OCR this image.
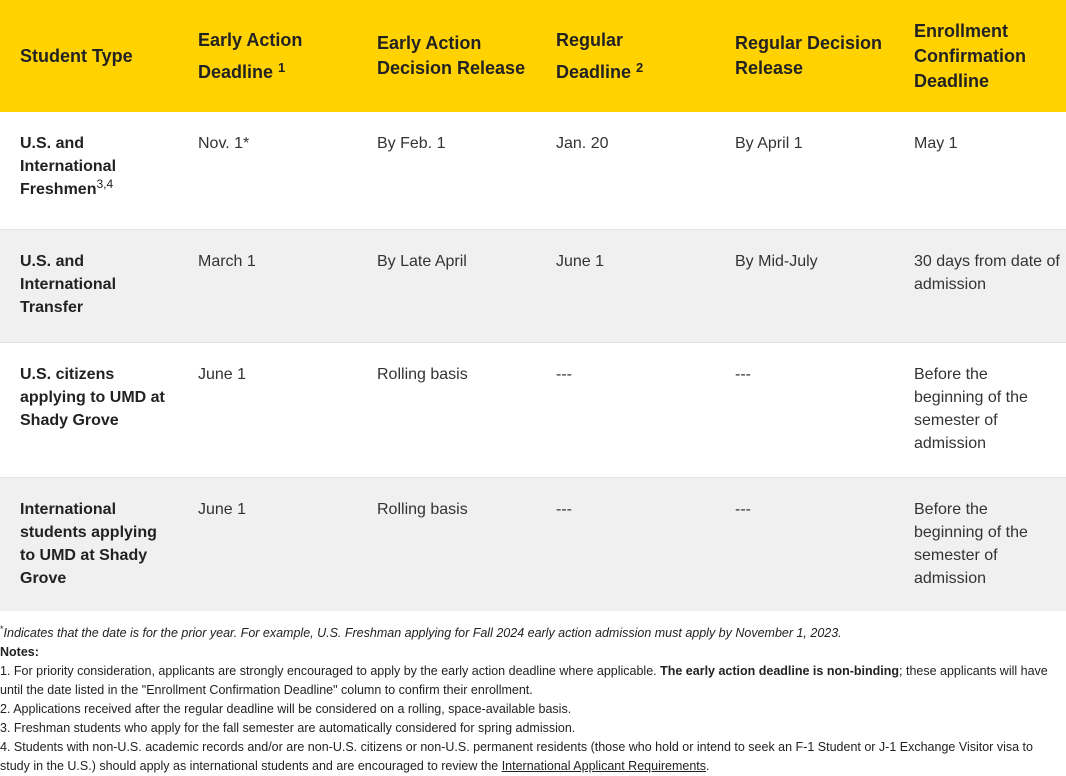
Student Type	Early Action Deadline $^1$	Early Action Decision Release	Regular Deadline $^2$	Regular Decision Release	Enrollment Confirmation Deadline
U.S. and International Freshmen$^{3,4}$	Nov. 1*	By Feb. 1	Jan. 20	By April 1	May 1
U.S. and International Transfer	March 1	By Late April	June 1	By Mid-July	30 days from date of admission
U.S. citizens applying to UMD at Shady Grove	June 1	Rolling basis	---	---	Before the beginning of the semester of admission
International students applying to UMD at Shady Grove	June 1	Rolling basis	---	---	Before the beginning of the semester of admission

*Indicates that the date is for the prior year. For example, U.S. Freshman applying for Fall 2024 early action admission must apply by November 1, 2023.

Notes:

1. For priority consideration, applicants are strongly encouraged to apply by the early action deadline where applicable. The early action deadline is non-binding; these applicants will have until the date listed in the "Enrollment Confirmation Deadline" column to confirm their enrollment.

2. Applications received after the regular deadline will be considered on a rolling, space-available basis.

3. Freshman students who apply for the fall semester are automatically considered for spring admission.

4. Students with non-U.S. academic records and/or are non-U.S. citizens or non-U.S. permanent residents (those who hold or intend to seek an F-1 Student or J-1 Exchange Visitor visa to study in the U.S.) should apply as international students and are encouraged to review the International Applicant Requirements.
